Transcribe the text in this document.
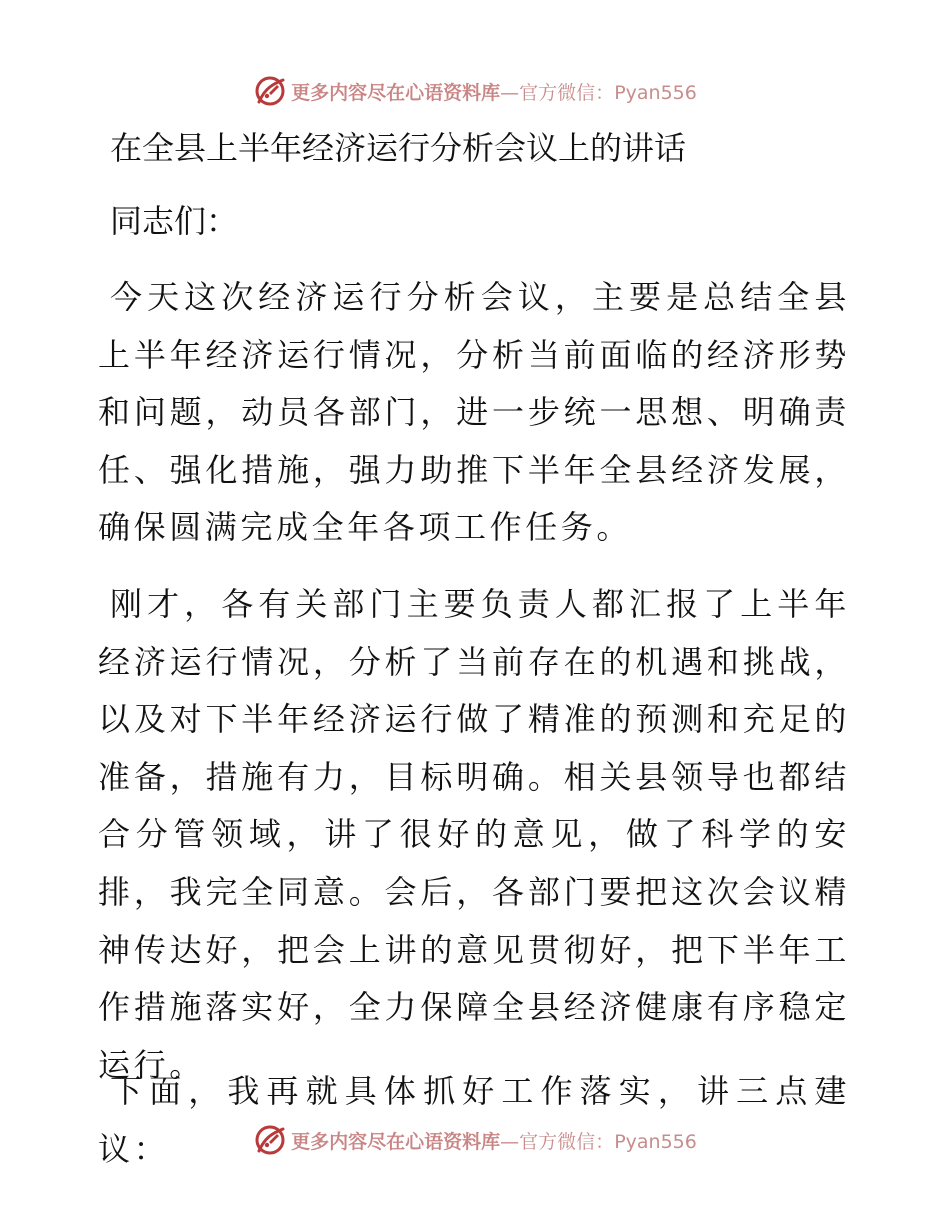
更多内容尽在心语资料库—官方微信：Pyan556
在全县上半年经济运行分析会议上的讲话

同志们：

今天这次经济运行分析会议，主要是总结全县上半年经济运行情况，分析当前面临的经济形势和问题，动员各部门，进一步统一思想、明确责任、强化措施，强力助推下半年全县经济发展，确保圆满完成全年各项工作任务。

刚才，各有关部门主要负责人都汇报了上半年经济运行情况，分析了当前存在的机遇和挑战，以及对下半年经济运行做了精准的预测和充足的准备，措施有力，目标明确。相关县领导也都结合分管领域，讲了很好的意见，做了科学的安排，我完全同意。会后，各部门要把这次会议精神传达好，把会上讲的意见贯彻好，把下半年工作措施落实好，全力保障全县经济健康有序稳定运行。

下面，我再就具体抓好工作落实，讲三点建议：	更多内容尽在心语资料库—官方微信：Pyan556
